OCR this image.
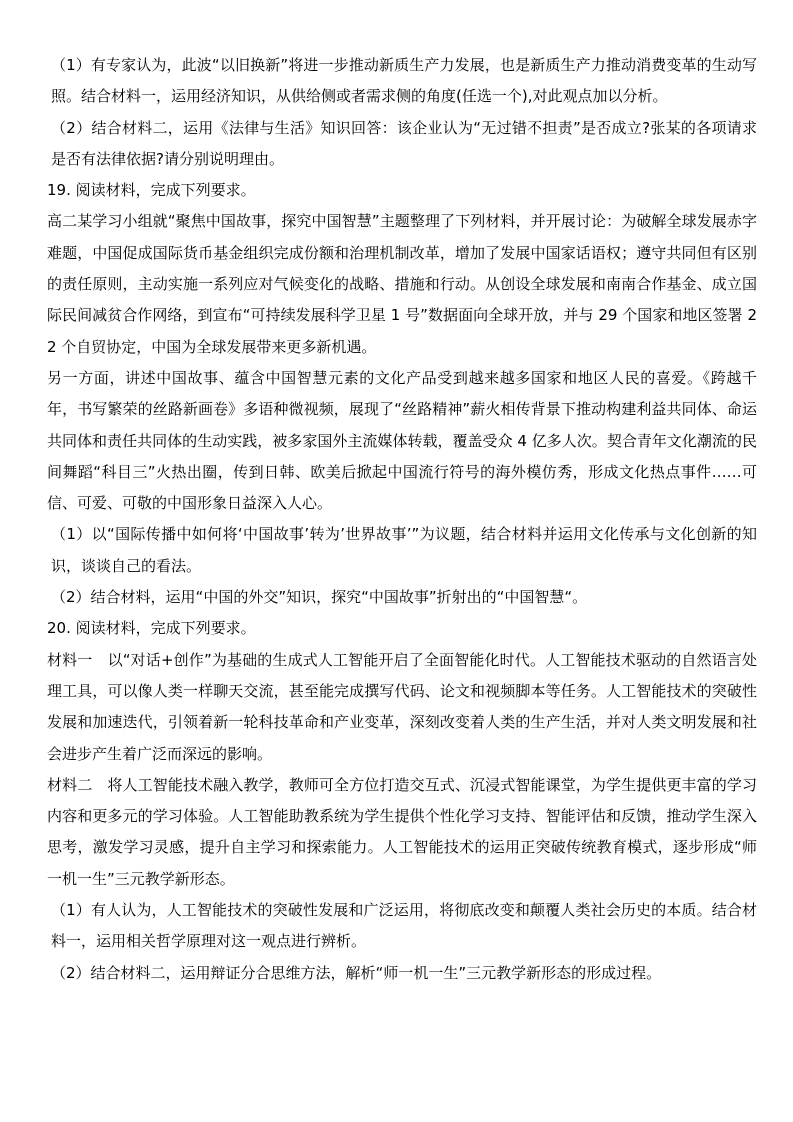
（1）有专家认为，此波“以旧换新”将进一步推动新质生产力发展，也是新质生产力推动消费变革的生动写照。结合材料一，运用经济知识，从供给侧或者需求侧的角度(任选一个),对此观点加以分析。

（2）结合材料二，运用《法律与生活》知识回答：该企业认为“无过错不担责”是否成立?张某的各项请求是否有法律依据?请分别说明理由。

19. 阅读材料，完成下列要求。

高二某学习小组就“聚焦中国故事，探究中国智慧”主题整理了下列材料，并开展讨论：为破解全球发展赤字难题，中国促成国际货币基金组织完成份额和治理机制改革，增加了发展中国家话语权；遵守共同但有区别的责任原则，主动实施一系列应对气候变化的战略、措施和行动。从创设全球发展和南南合作基金、成立国际民间减贫合作网络，到宣布“可持续发展科学卫星 1 号”数据面向全球开放，并与 29 个国家和地区签署 22 个自贸协定，中国为全球发展带来更多新机遇。

另一方面，讲述中国故事、蕴含中国智慧元素的文化产品受到越来越多国家和地区人民的喜爱。《跨越千年，书写繁荣的丝路新画卷》多语种微视频，展现了“丝路精神”薪火相传背景下推动构建利益共同体、命运共同体和责任共同体的生动实践，被多家国外主流媒体转载，覆盖受众 4 亿多人次。契合青年文化潮流的民间舞蹈“科目三”火热出圈，传到日韩、欧美后掀起中国流行符号的海外模仿秀，形成文化热点事件……可信、可爱、可敬的中国形象日益深入人心。

（1）以“国际传播中如何将‘中国故事’转为’世界故事’”为议题，结合材料并运用文化传承与文化创新的知识，谈谈自己的看法。

（2）结合材料，运用“中国的外交”知识，探究“中国故事”折射出的“中国智慧“。

20. 阅读材料，完成下列要求。

材料一　以“对话+创作”为基础的生成式人工智能开启了全面智能化时代。人工智能技术驱动的自然语言处理工具，可以像人类一样聊天交流，甚至能完成撰写代码、论文和视频脚本等任务。人工智能技术的突破性发展和加速迭代，引领着新一轮科技革命和产业变革，深刻改变着人类的生产生活，并对人类文明发展和社会进步产生着广泛而深远的影响。

材料二　将人工智能技术融入教学，教师可全方位打造交互式、沉浸式智能课堂，为学生提供更丰富的学习内容和更多元的学习体验。人工智能助教系统为学生提供个性化学习支持、智能评估和反馈，推动学生深入思考，激发学习灵感，提升自主学习和探索能力。人工智能技术的运用正突破传统教育模式，逐步形成“师一机一生”三元教学新形态。

（1）有人认为，人工智能技术的突破性发展和广泛运用，将彻底改变和颠覆人类社会历史的本质。结合材料一，运用相关哲学原理对这一观点进行辨析。

（2）结合材料二，运用辩证分合思维方法，解析“师一机一生”三元教学新形态的形成过程。
